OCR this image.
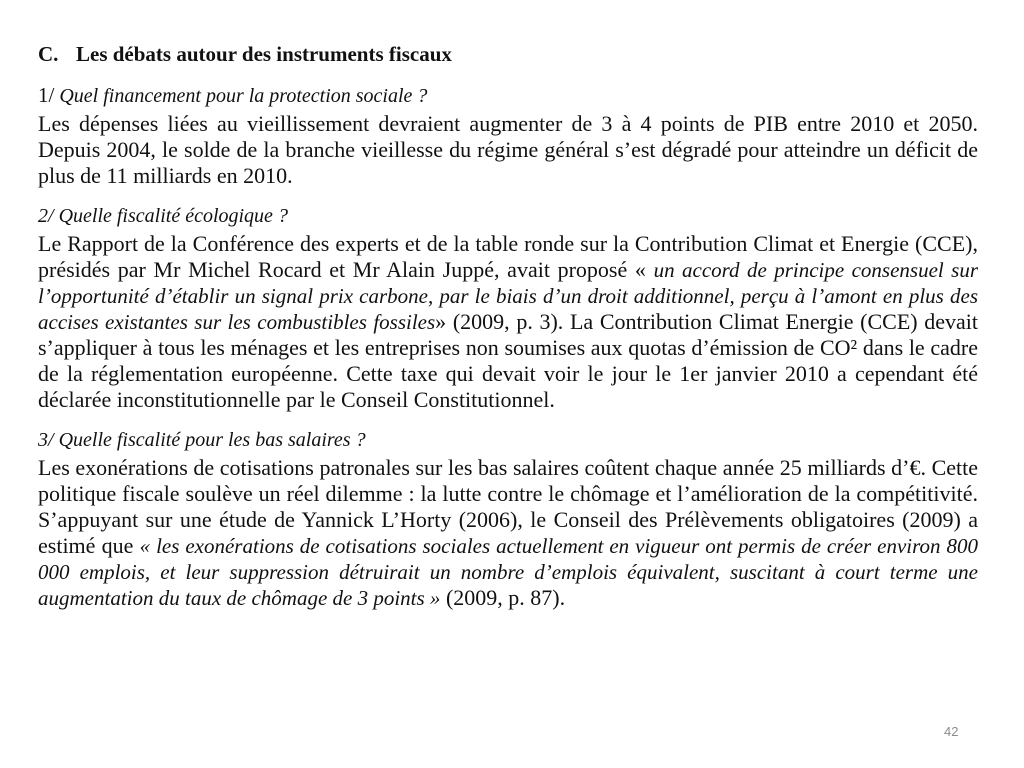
C. Les débats autour des instruments fiscaux
1/ Quel financement pour la protection sociale ?

Les dépenses liées au vieillissement devraient augmenter de 3 à 4 points de PIB entre 2010 et 2050. Depuis 2004, le solde de la branche vieillesse du régime général s’est dégradé pour atteindre un déficit de plus de 11 milliards en 2010.

2/ Quelle fiscalité écologique ?

Le Rapport de la Conférence des experts et de la table ronde sur la Contribution Climat et Energie (CCE), présidés par Mr Michel Rocard et Mr Alain Juppé, avait proposé « un accord de principe consensuel sur l’opportunité d’établir un signal prix carbone, par le biais d’un droit additionnel, perçu à l’amont en plus des accises existantes sur les combustibles fossiles» (2009, p. 3). La Contribution Climat Energie (CCE) devait s’appliquer à tous les ménages et les entreprises non soumises aux quotas d’émission de CO² dans le cadre de la réglementation européenne. Cette taxe qui devait voir le jour le 1er janvier 2010 a cependant été déclarée inconstitutionnelle par le Conseil Constitutionnel.

3/ Quelle fiscalité pour les bas salaires ?

Les exonérations de cotisations patronales sur les bas salaires coûtent chaque année 25 milliards d’€. Cette politique fiscale soulève un réel dilemme : la lutte contre le chômage et l’amélioration de la compétitivité. S’appuyant sur une étude de Yannick L’Horty (2006), le Conseil des Prélèvements obligatoires (2009) a estimé que « les exonérations de cotisations sociales actuellement en vigueur ont permis de créer environ 800 000 emplois, et leur suppression détruirait un nombre d’emplois équivalent, suscitant à court terme une augmentation du taux de chômage de 3 points » (2009, p. 87).

42
